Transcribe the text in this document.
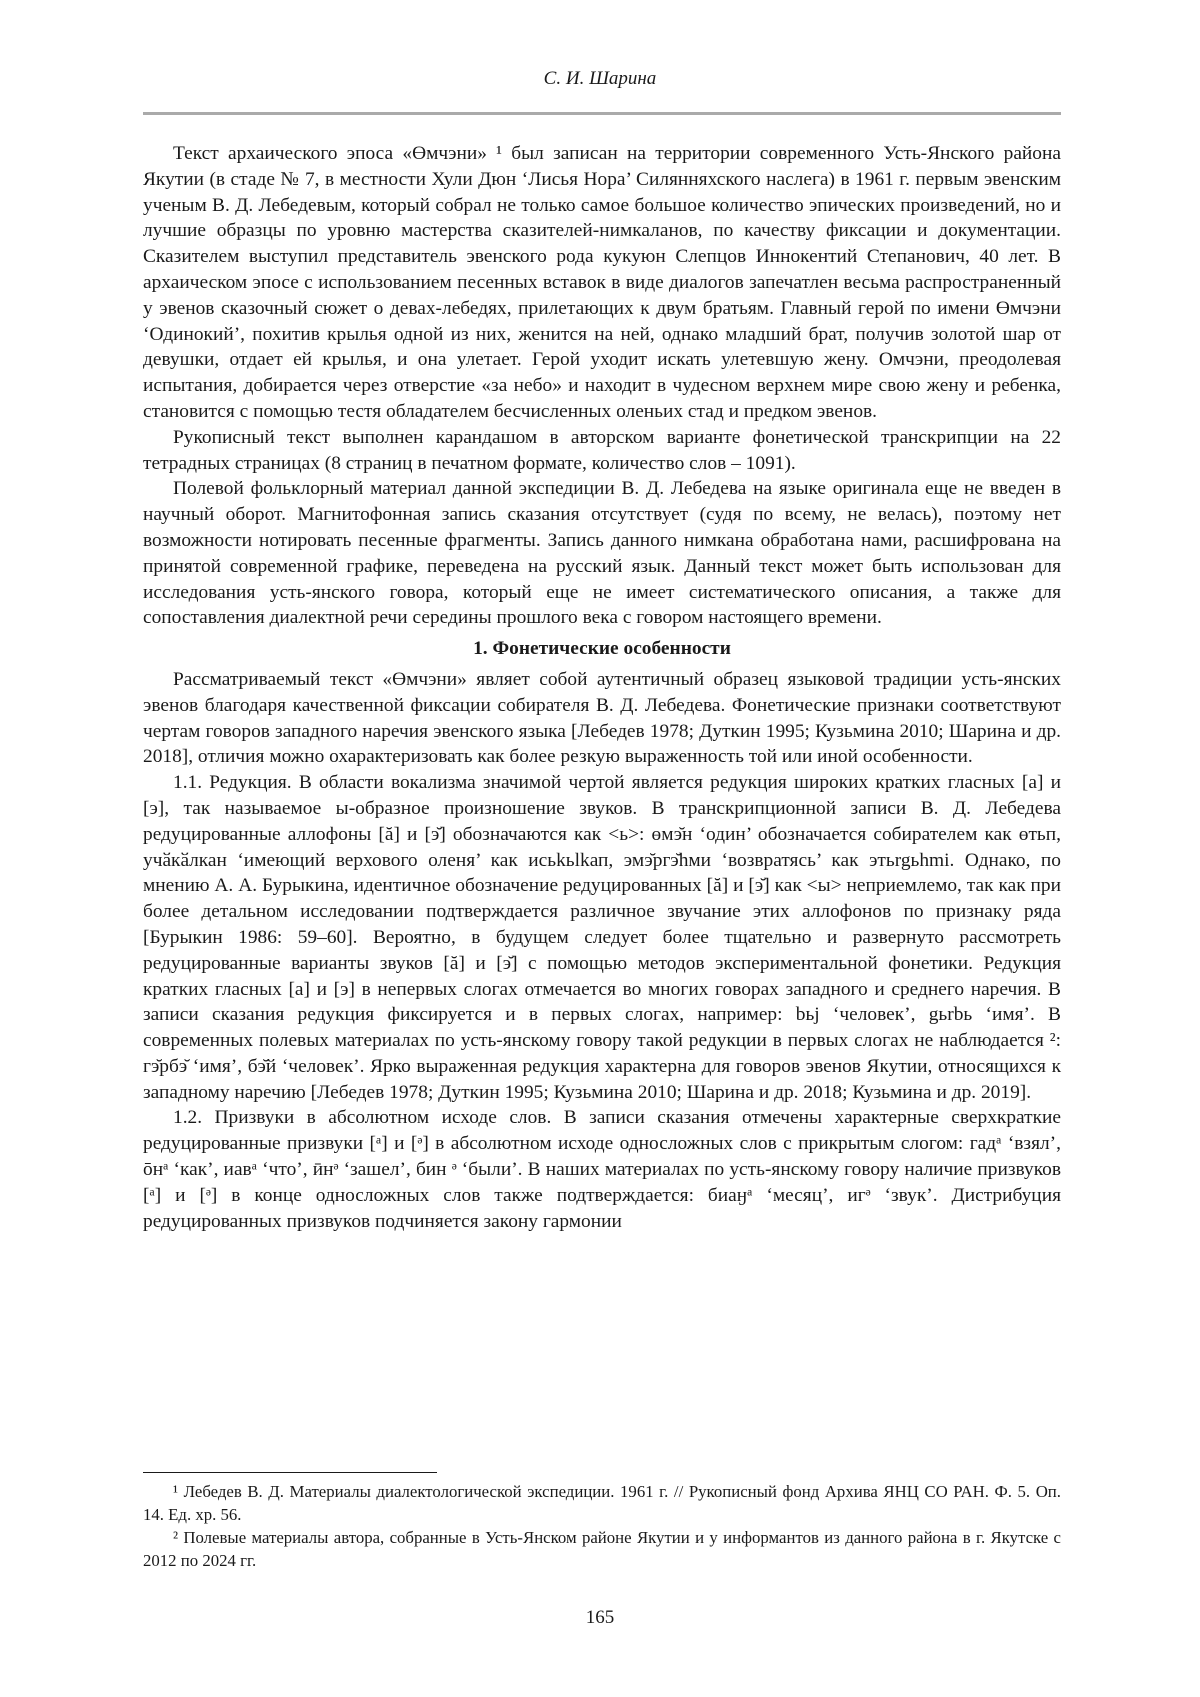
С. И. Шарина

Текст архаического эпоса «Өмчэни» ¹ был записан на территории современного Усть-Янского района Якутии (в стаде № 7, в местности Хули Дюн ‘Лисья Нора’ Силянняхского наслега) в 1961 г. первым эвенским ученым В. Д. Лебедевым, который собрал не только самое большое количество эпических произведений, но и лучшие образцы по уровню мастерства сказителей-нимкаланов, по качеству фиксации и документации. Сказителем выступил представитель эвенского рода кукуюн Слепцов Иннокентий Степанович, 40 лет. В архаическом эпосе с использованием песенных вставок в виде диалогов запечатлен весьма распространенный у эвенов сказочный сюжет о девах-лебедях, прилетающих к двум братьям. Главный герой по имени Өмчэни ‘Одинокий’, похитив крылья одной из них, женится на ней, однако младший брат, получив золотой шар от девушки, отдает ей крылья, и она улетает. Герой уходит искать улетевшую жену. Омчэни, преодолевая испытания, добирается через отверстие «за небо» и находит в чудесном верхнем мире свою жену и ребенка, становится с помощью тестя обладателем бесчисленных оленьих стад и предком эвенов.

Рукописный текст выполнен карандашом в авторском варианте фонетической транскрипции на 22 тетрадных страницах (8 страниц в печатном формате, количество слов – 1091).

Полевой фольклорный материал данной экспедиции В. Д. Лебедева на языке оригинала еще не введен в научный оборот. Магнитофонная запись сказания отсутствует (судя по всему, не велась), поэтому нет возможности нотировать песенные фрагменты. Запись данного нимкана обработана нами, расшифрована на принятой современной графике, переведена на русский язык. Данный текст может быть использован для исследования усть-янского говора, который еще не имеет систематического описания, а также для сопоставления диалектной речи середины прошлого века с говором настоящего времени.

1. Фонетические особенности

Рассматриваемый текст «Өмчэни» являет собой аутентичный образец языковой традиции усть-янских эвенов благодаря качественной фиксации собирателя В. Д. Лебедева. Фонетические признаки соответствуют чертам говоров западного наречия эвенского языка [Лебедев 1978; Дуткин 1995; Кузьмина 2010; Шарина и др. 2018], отличия можно охарактеризовать как более резкую выраженность той или иной особенности.

1.1. Редукция. В области вокализма значимой чертой является редукция широких кратких гласных [а] и [э], так называемое ы-образное произношение звуков. В транскрипционной записи В. Д. Лебедева редуцированные аллофоны [ă] и [э̆] обозначаются как <ь>: өмэ̆н ‘один’ обозначается собирателем как өтьп, учӑкӑлкан ‘имеющий верхового оленя’ как исьkьlkап, эмэ̆ргэ̆hми ‘возвратясь’ как этьrgьhmi. Однако, по мнению А. А. Бурыкина, идентичное обозначение редуцированных [ă] и [э̆] как <ы> неприемлемо, так как при более детальном исследовании подтверждается различное звучание этих аллофонов по признаку ряда [Бурыкин 1986: 59–60]. Вероятно, в будущем следует более тщательно и развернуто рассмотреть редуцированные варианты звуков [ă] и [э̆] с помощью методов экспериментальной фонетики. Редукция кратких гласных [а] и [э] в непервых слогах отмечается во многих говорах западного и среднего наречия. В записи сказания редукция фиксируется и в первых слогах, например: bьј ‘человек’, gьrbь ‘имя’. В современных полевых материалах по усть-янскому говору такой редукции в первых слогах не наблюдается ²: гэ̆рбэ̆ ‘имя’, бэ̆й ‘человек’. Ярко выраженная редукция характерна для говоров эвенов Якутии, относящихся к западному наречию [Лебедев 1978; Дуткин 1995; Кузьмина 2010; Шарина и др. 2018; Кузьмина и др. 2019].

1.2. Призвуки в абсолютном исходе слов. В записи сказания отмечены характерные сверхкраткие редуцированные призвуки [ᵃ] и [ᵊ] в абсолютном исходе односложных слов с прикрытым слогом: гадᵃ ‘взял’, ōнᵃ ‘как’, иавᵃ ‘что’, ӣнᵊ ‘зашел’, бин ᵊ ‘были’. В наших материалах по усть-янскому говору наличие призвуков [ᵃ] и [ᵊ] в конце односложных слов также подтверждается: биаӈᵃ ‘месяц’, игᵊ ‘звук’. Дистрибуция редуцированных призвуков подчиняется закону гармонии

¹ Лебедев В. Д. Материалы диалектологической экспедиции. 1961 г. // Рукописный фонд Архива ЯНЦ СО РАН. Ф. 5. Оп. 14. Ед. хр. 56.

² Полевые материалы автора, собранные в Усть-Янском районе Якутии и у информантов из данного района в г. Якутске с 2012 по 2024 гг.

165
